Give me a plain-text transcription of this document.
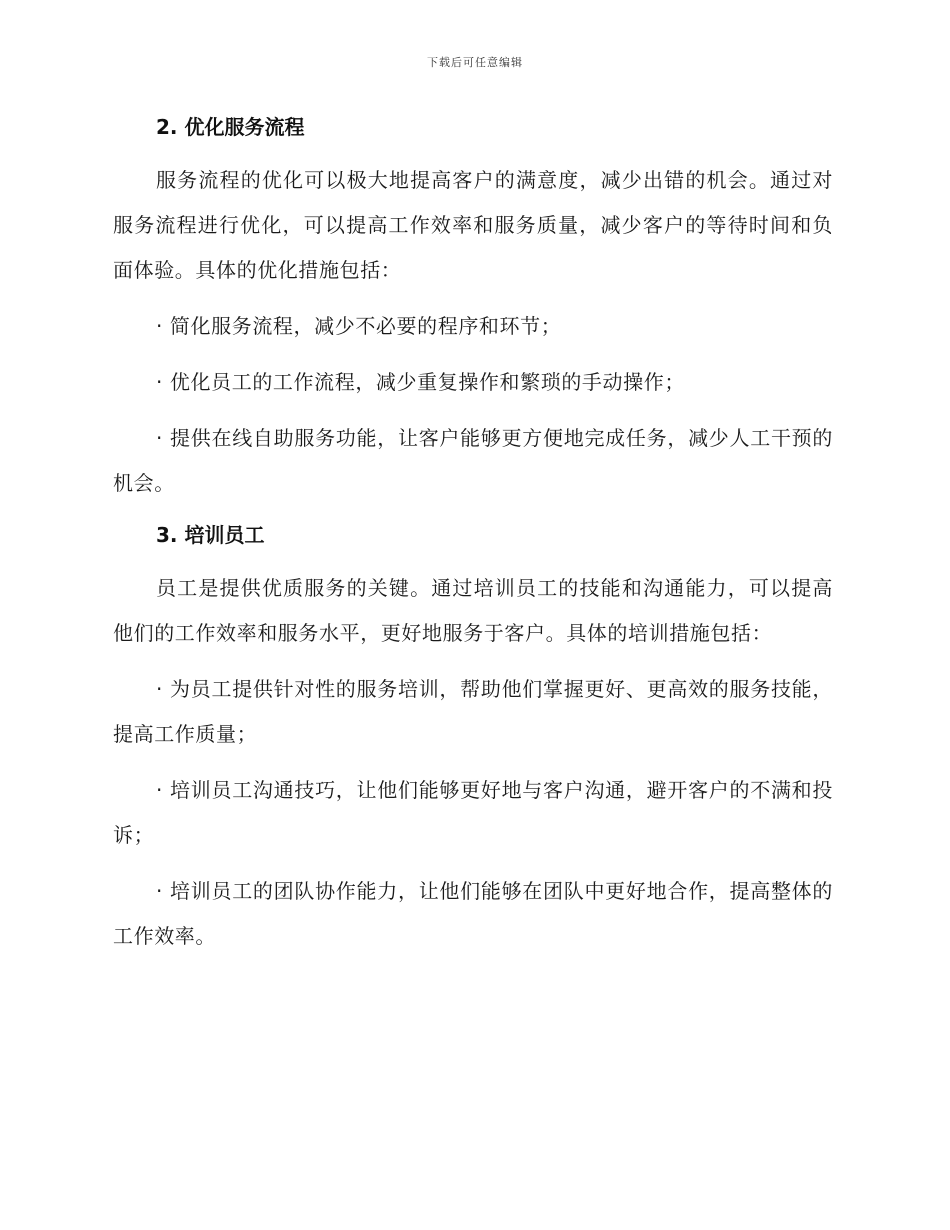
下载后可任意编辑
2. 优化服务流程

服务流程的优化可以极大地提高客户的满意度，减少出错的机会。通过对服务流程进行优化，可以提高工作效率和服务质量，减少客户的等待时间和负面体验。具体的优化措施包括：

· 简化服务流程，减少不必要的程序和环节；

· 优化员工的工作流程，减少重复操作和繁琐的手动操作；

· 提供在线自助服务功能，让客户能够更方便地完成任务，减少人工干预的机会。

3. 培训员工

员工是提供优质服务的关键。通过培训员工的技能和沟通能力，可以提高他们的工作效率和服务水平，更好地服务于客户。具体的培训措施包括：

· 为员工提供针对性的服务培训，帮助他们掌握更好、更高效的服务技能，提高工作质量；

· 培训员工沟通技巧，让他们能够更好地与客户沟通，避开客户的不满和投诉；

· 培训员工的团队协作能力，让他们能够在团队中更好地合作，提高整体的工作效率。
